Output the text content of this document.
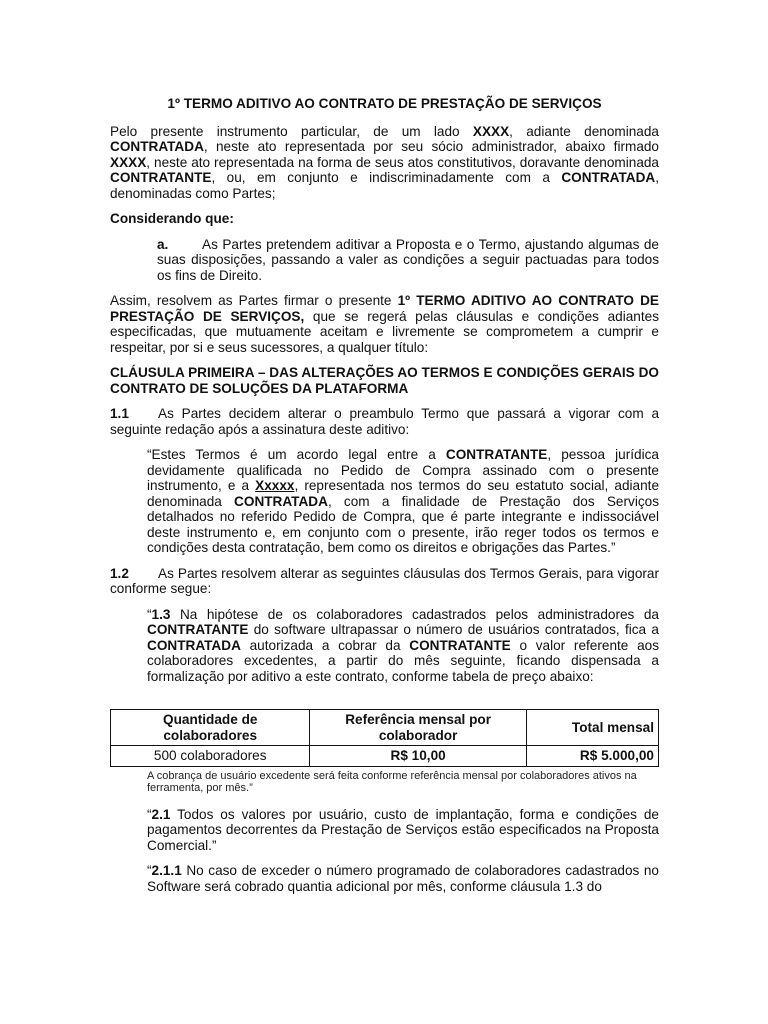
1º TERMO ADITIVO AO CONTRATO DE PRESTAÇÃO DE SERVIÇOS

Pelo presente instrumento particular, de um lado XXXX, adiante denominada CONTRATADA, neste ato representada por seu sócio administrador, abaixo firmado XXXX, neste ato representada na forma de seus atos constitutivos, doravante denominada CONTRATANTE, ou, em conjunto e indiscriminadamente com a CONTRATADA, denominadas como Partes;

Considerando que:

a. As Partes pretendem aditivar a Proposta e o Termo, ajustando algumas de suas disposições, passando a valer as condições a seguir pactuadas para todos os fins de Direito.

Assim, resolvem as Partes firmar o presente 1º TERMO ADITIVO AO CONTRATO DE PRESTAÇÃO DE SERVIÇOS, que se regerá pelas cláusulas e condições adiantes especificadas, que mutuamente aceitam e livremente se comprometem a cumprir e respeitar, por si e seus sucessores, a qualquer título:

CLÁUSULA PRIMEIRA – DAS ALTERAÇÕES AO TERMOS E CONDIÇÕES GERAIS DO CONTRATO DE SOLUÇÕES DA PLATAFORMA

1.1 As Partes decidem alterar o preambulo Termo que passará a vigorar com a seguinte redação após a assinatura deste aditivo:

“Estes Termos é um acordo legal entre a CONTRATANTE, pessoa jurídica devidamente qualificada no Pedido de Compra assinado com o presente instrumento, e a Xxxxx, representada nos termos do seu estatuto social, adiante denominada CONTRATADA, com a finalidade de Prestação dos Serviços detalhados no referido Pedido de Compra, que é parte integrante e indissociável deste instrumento e, em conjunto com o presente, irão reger todos os termos e condições desta contratação, bem como os direitos e obrigações das Partes.”

1.2 As Partes resolvem alterar as seguintes cláusulas dos Termos Gerais, para vigorar conforme segue:

“1.3 Na hipótese de os colaboradores cadastrados pelos administradores da CONTRATANTE do software ultrapassar o número de usuários contratados, fica a CONTRATADA autorizada a cobrar da CONTRATANTE o valor referente aos colaboradores excedentes, a partir do mês seguinte, ficando dispensada a formalização por aditivo a este contrato, conforme tabela de preço abaixo:

Quantidade de colaboradores	Referência mensal por colaborador	Total mensal
500 colaboradores	R$ 10,00	R$ 5.000,00
A cobrança de usuário excedente será feita conforme referência mensal por colaboradores ativos na ferramenta, por mês.”

“2.1 Todos os valores por usuário, custo de implantação, forma e condições de pagamentos decorrentes da Prestação de Serviços estão especificados na Proposta Comercial.”

“2.1.1 No caso de exceder o número programado de colaboradores cadastrados no Software será cobrado quantia adicional por mês, conforme cláusula 1.3 do
